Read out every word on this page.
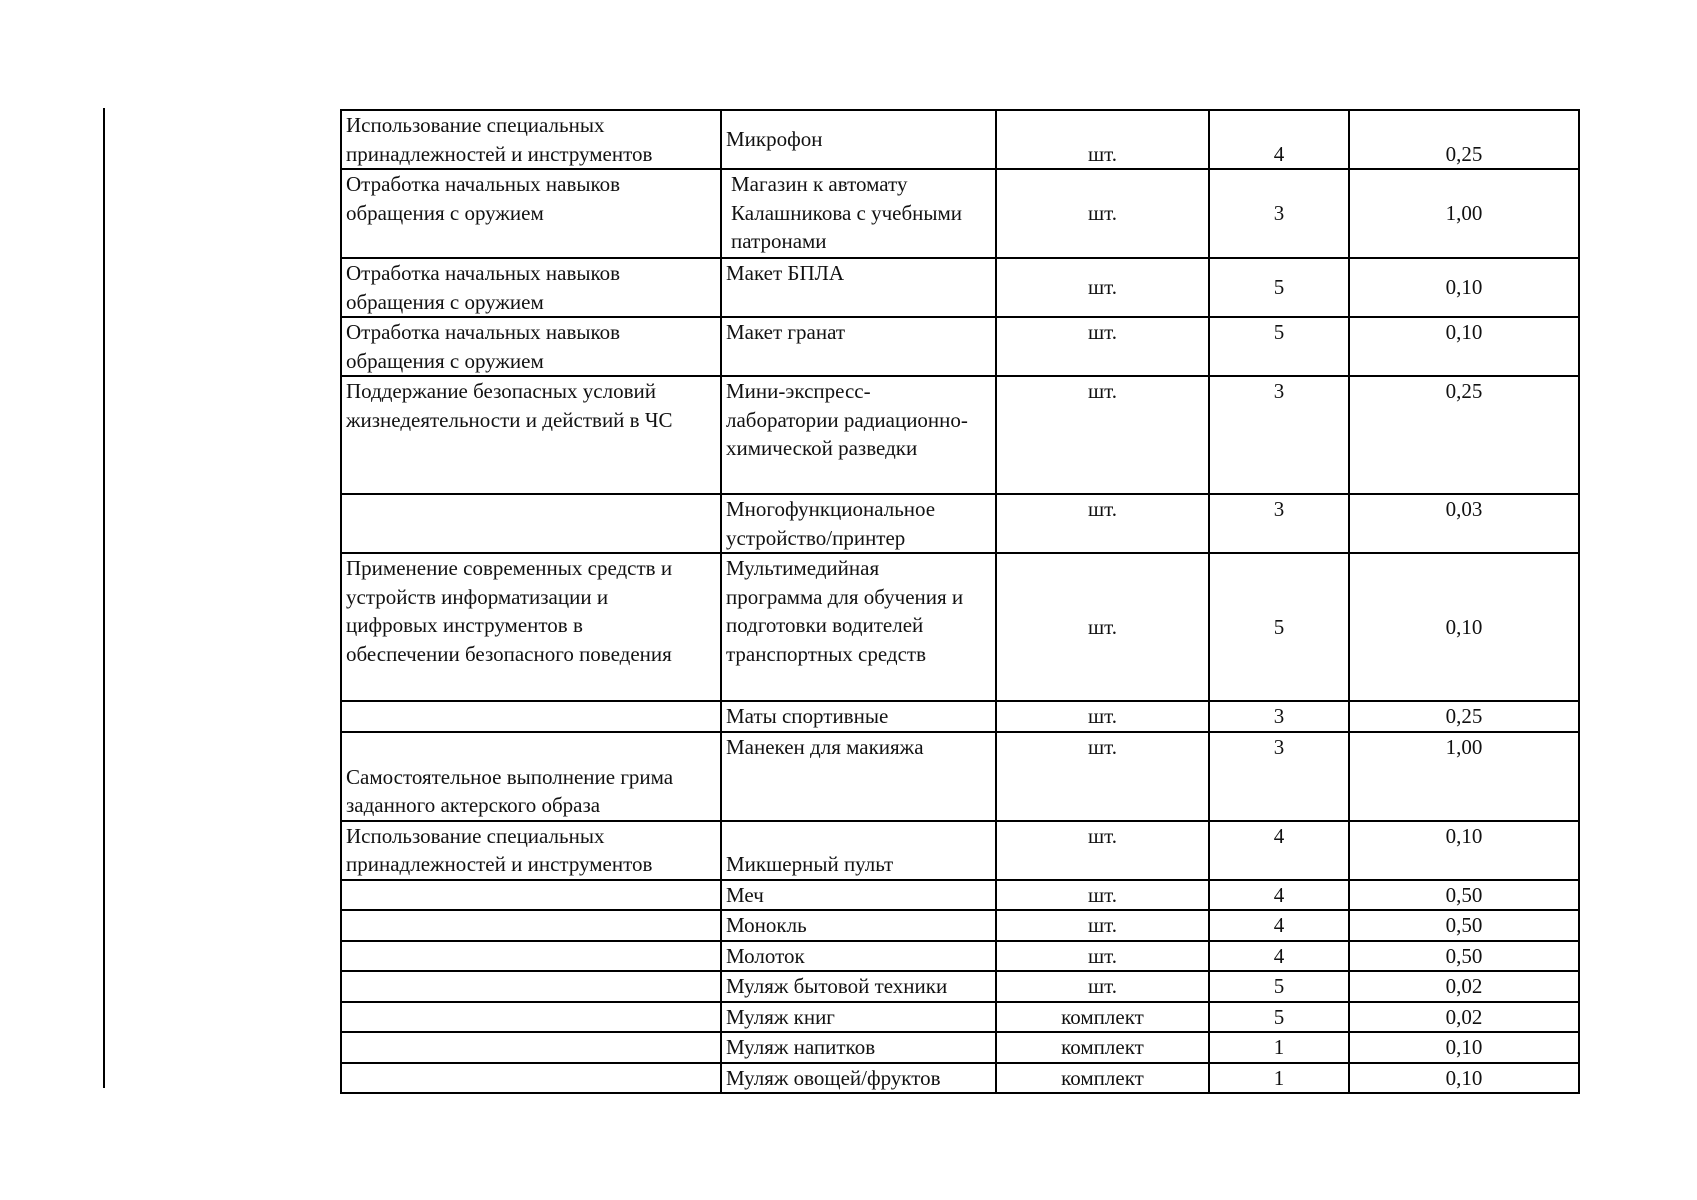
Использование специальных
принадлежностей и инструментов	Микрофон	шт.	4	0,25
Отработка начальных навыков
обращения с оружием	Магазин к автомату
Калашникова с учебными
патронами	шт.	3	1,00
Отработка начальных навыков
обращения с оружием	Макет БПЛА	шт.	5	0,10
Отработка начальных навыков
обращения с оружием	Макет гранат	шт.	5	0,10
Поддержание безопасных условий
жизнедеятельности и действий в ЧС	Мини-экспресс-
лаборатории радиационно-
химической разведки	шт.	3	0,25
	Многофункциональное
устройство/принтер	шт.	3	0,03
Применение современных средств и
устройств информатизации и
цифровых инструментов в
обеспечении безопасного поведения	Мультимедийная
программа для обучения и
подготовки водителей
транспортных средств	шт.	5	0,10
	Маты спортивные	шт.	3	0,25
Самостоятельное выполнение грима
заданного актерского образа	Манекен для макияжа	шт.	3	1,00
Использование специальных
принадлежностей и инструментов	Микшерный пульт	шт.	4	0,10
	Меч	шт.	4	0,50
	Монокль	шт.	4	0,50
	Молоток	шт.	4	0,50
	Муляж бытовой техники	шт.	5	0,02
	Муляж книг	комплект	5	0,02
	Муляж напитков	комплект	1	0,10
	Муляж овощей/фруктов	комплект	1	0,10
